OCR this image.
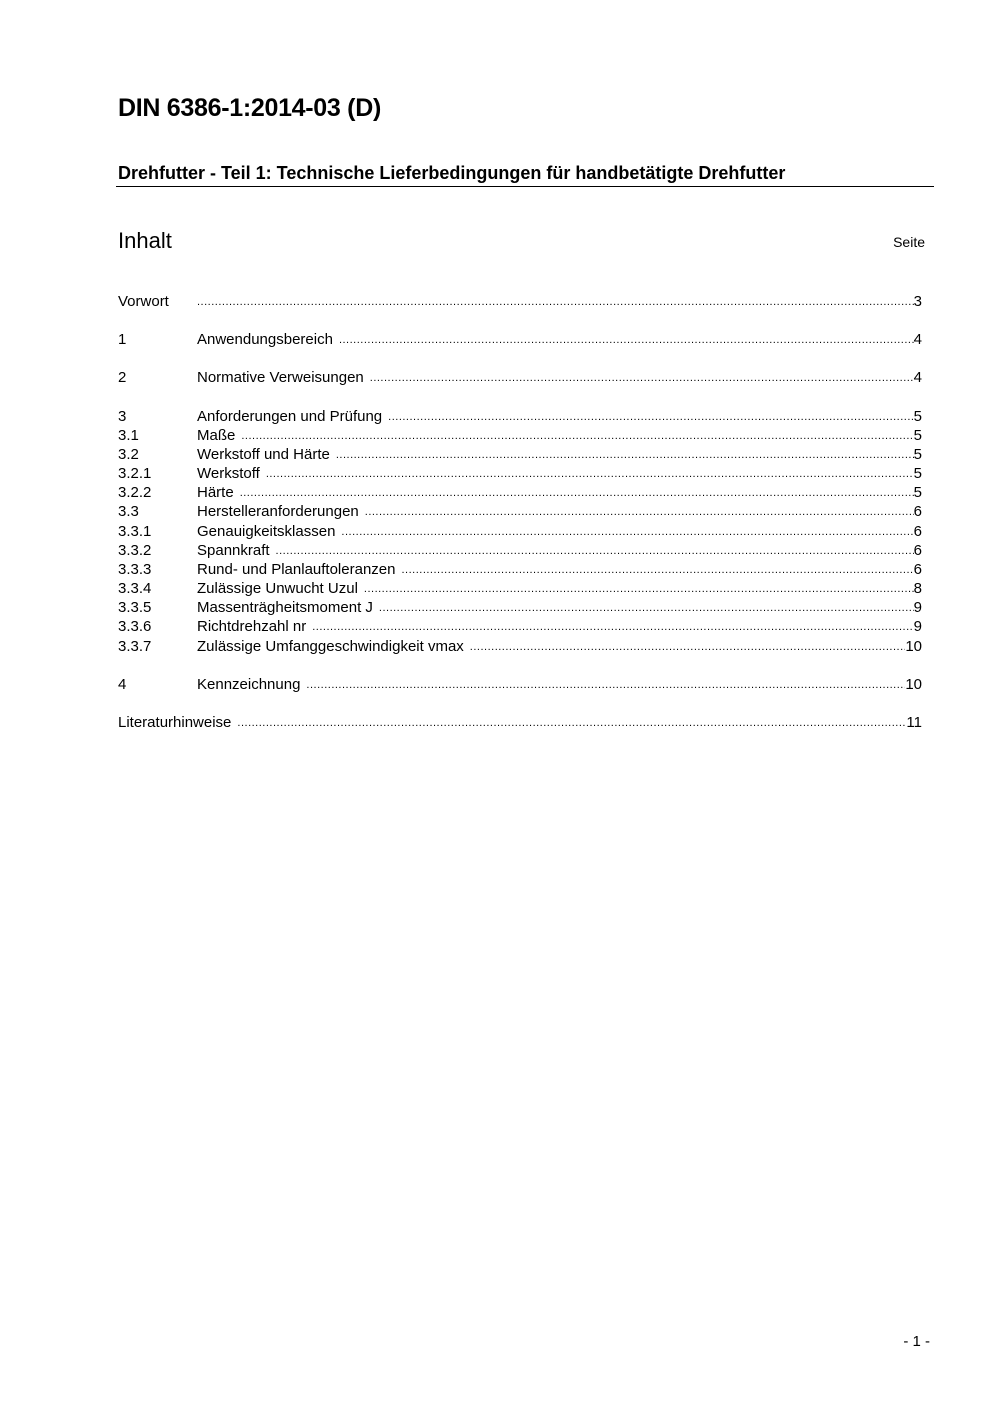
DIN 6386-1:2014-03 (D)
Drehfutter - Teil 1: Technische Lieferbedingungen für handbetätigte Drehfutter
Inhalt	Seite
Vorwort .....	3
1	Anwendungsbereich .....	4
2	Normative Verweisungen .....	4
3	Anforderungen und Prüfung .....	5
3.1	Maße .....	5
3.2	Werkstoff und Härte .....	5
3.2.1	Werkstoff .....	5
3.2.2	Härte .....	5
3.3	Herstelleranforderungen .....	6
3.3.1	Genauigkeitsklassen .....	6
3.3.2	Spannkraft .....	6
3.3.3	Rund- und Planlauftoleranzen .....	6
3.3.4	Zulässige Unwucht Uzul .....	8
3.3.5	Massenträgheitsmoment J .....	9
3.3.6	Richtdrehzahl nr .....	9
3.3.7	Zulässige Umfanggeschwindigkeit vmax .....	10
4	Kennzeichnung .....	10
Literaturhinweise .....	11
- 1 -
